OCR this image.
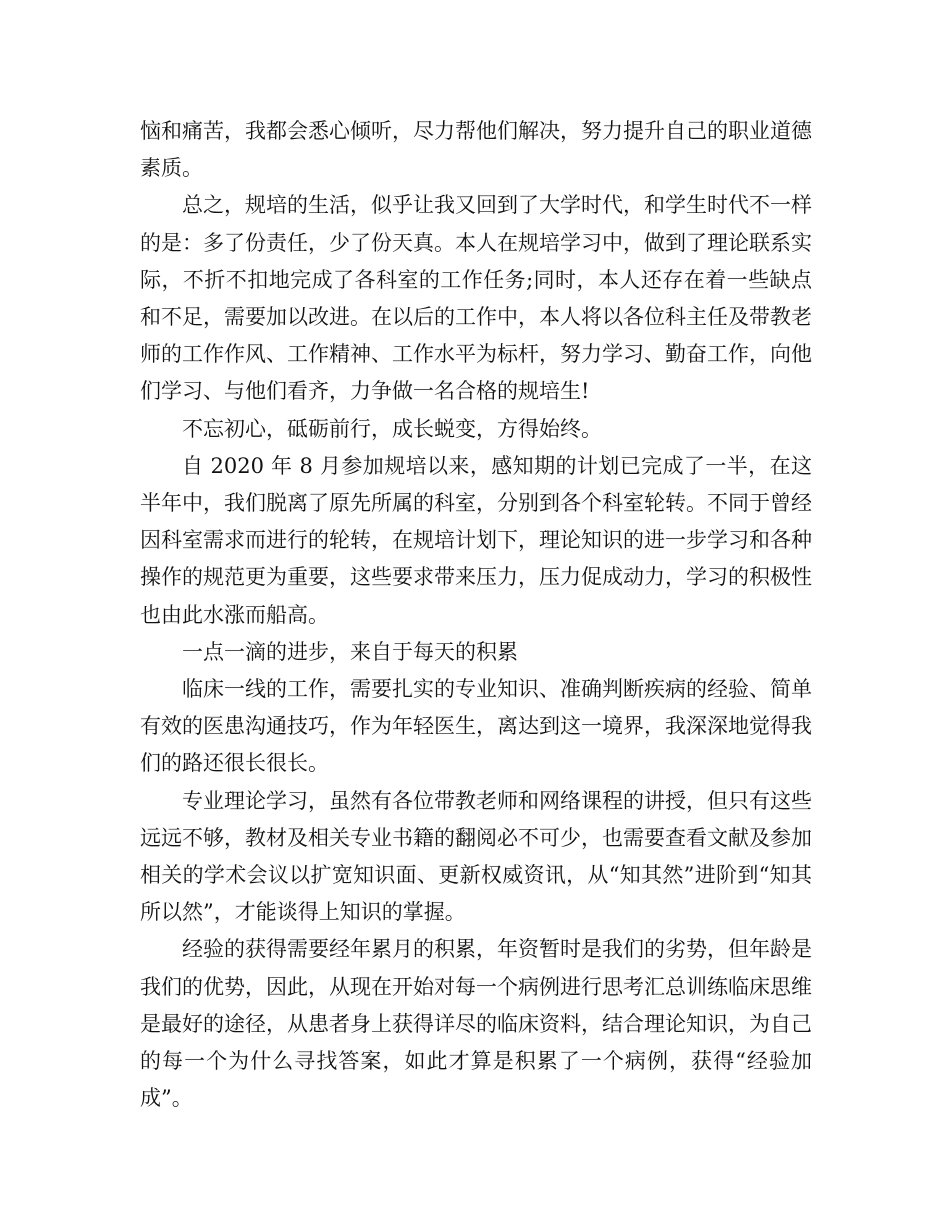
恼和痛苦，我都会悉心倾听，尽力帮他们解决，努力提升自己的职业道德素质。

总之，规培的生活，似乎让我又回到了大学时代，和学生时代不一样的是：多了份责任，少了份天真。本人在规培学习中，做到了理论联系实际，不折不扣地完成了各科室的工作任务;同时，本人还存在着一些缺点和不足，需要加以改进。在以后的工作中，本人将以各位科主任及带教老师的工作作风、工作精神、工作水平为标杆，努力学习、勤奋工作，向他们学习、与他们看齐，力争做一名合格的规培生!

不忘初心，砥砺前行，成长蜕变，方得始终。

自 2020 年 8 月参加规培以来，感知期的计划已完成了一半，在这半年中，我们脱离了原先所属的科室，分别到各个科室轮转。不同于曾经因科室需求而进行的轮转，在规培计划下，理论知识的进一步学习和各种操作的规范更为重要，这些要求带来压力，压力促成动力，学习的积极性也由此水涨而船高。

一点一滴的进步，来自于每天的积累

临床一线的工作，需要扎实的专业知识、准确判断疾病的经验、简单有效的医患沟通技巧，作为年轻医生，离达到这一境界，我深深地觉得我们的路还很长很长。

专业理论学习，虽然有各位带教老师和网络课程的讲授，但只有这些远远不够，教材及相关专业书籍的翻阅必不可少，也需要查看文献及参加相关的学术会议以扩宽知识面、更新权威资讯，从“知其然”进阶到“知其所以然”，才能谈得上知识的掌握。

经验的获得需要经年累月的积累，年资暂时是我们的劣势，但年龄是我们的优势，因此，从现在开始对每一个病例进行思考汇总训练临床思维是最好的途径，从患者身上获得详尽的临床资料，结合理论知识，为自己的每一个为什么寻找答案，如此才算是积累了一个病例，获得“经验加成”。
